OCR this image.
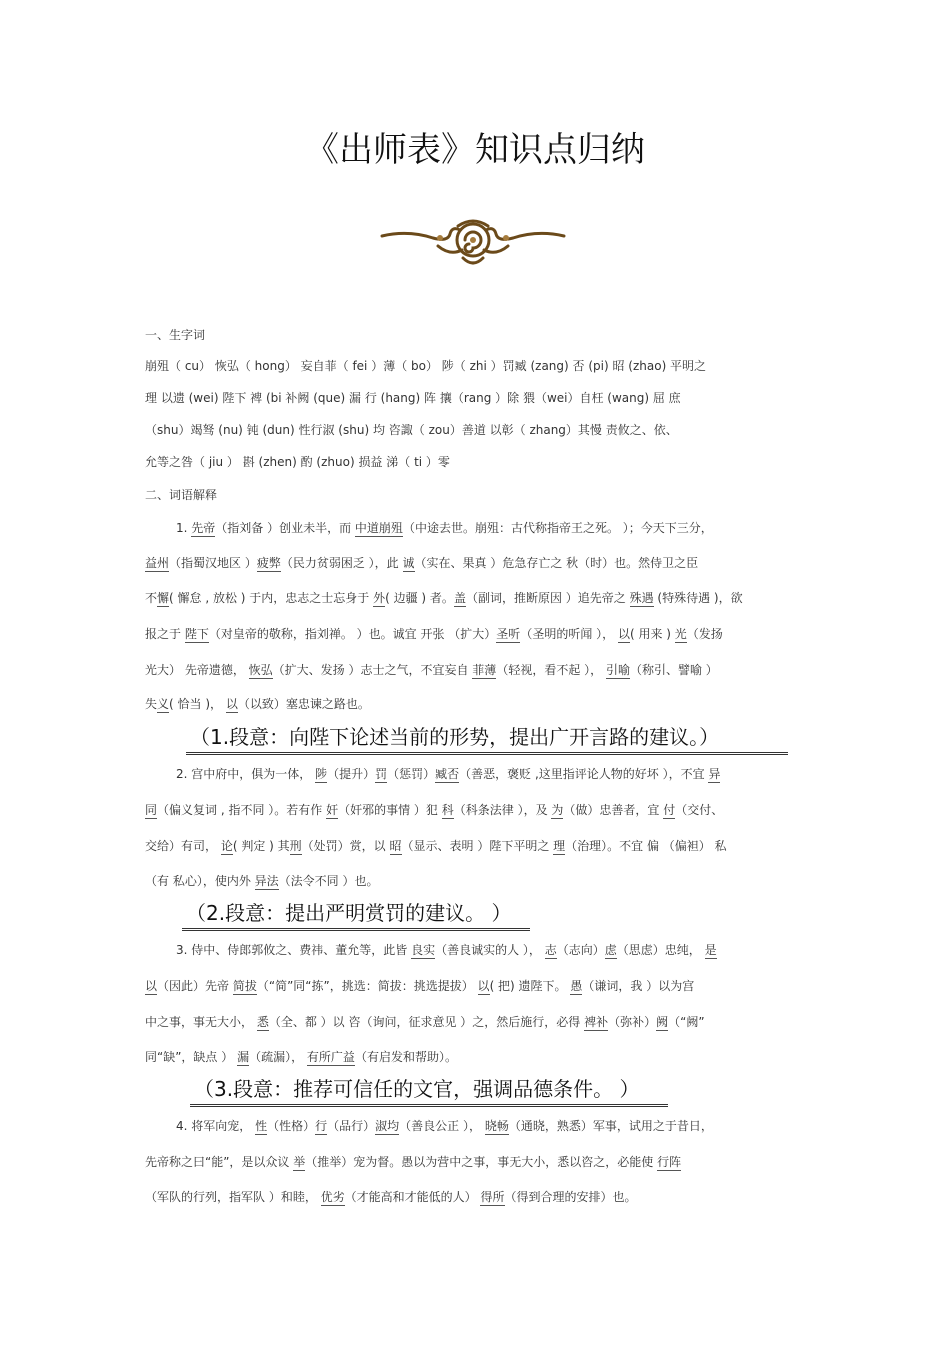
《出师表》知识点归纳

一、生字词

崩殂（ cu） 恢弘（ hong） 妄自菲（ fei ）薄（ bo） 陟（ zhi ）罚臧 (zang) 否 (pi) 昭 (zhao) 平明之
理 以遗 (wei) 陛下 裨 (bi 补阙 (que) 漏 行 (hang) 阵 攘（rang ）除 猥（wei）自枉 (wang) 屈 庶
（shu）竭驽 (nu) 钝 (dun) 性行淑 (shu) 均 咨諏（ zou）善道 以彰（ zhang）其慢 责攸之、依、
允等之咎（ jiu ） 斟 (zhen) 酌 (zhuo) 损益 涕（ ti ）零

二、词语解释

1. 先帝（指刘备 ）创业未半，而 中道崩殂（中途去世。崩殂：古代称指帝王之死。 ）；今天下三分，
益州（指蜀汉地区 ）疲弊（民力贫弱困乏 ），此 诚（实在、果真 ）危急存亡之 秋（时）也。然侍卫之臣
不懈( 懈怠 , 放松 ) 于内，忠志之士忘身于 外( 边疆 ) 者。盖（副词，推断原因 ）追先帝之 殊遇 (特殊待遇 )，欲
报之于 陛下（对皇帝的敬称，指刘禅。 ）也。诚宜 开张 （扩大）圣听（圣明的听闻 ）， 以( 用来 ) 光（发扬
光大） 先帝遗德， 恢弘（扩大、发扬 ）志士之气，不宜妄自 菲薄（轻视，看不起 ）， 引喻（称引、譬喻 ）
失义( 恰当 )， 以（以致）塞忠谏之路也。
（1.段意：向陛下论述当前的形势，提出广开言路的建议。）
2. 宫中府中，俱为一体， 陟（提升）罚（惩罚）臧否（善恶，褒贬 ,这里指评论人物的好坏 ），不宜 异
同（偏义复词 , 指不同 ）。若有作 奸（奸邪的事情 ）犯 科（科条法律 ），及 为（做）忠善者，宜 付（交付、
交给）有司， 论( 判定 ) 其刑（处罚）赏，以 昭（显示、表明 ）陛下平明之 理（治理）。不宜 偏 （偏袒） 私
（有 私心），使内外 异法（法令不同 ）也。
（2.段意：提出严明赏罚的建议。 ）
3. 侍中、侍郎郭攸之、费祎、董允等，此皆 良实（善良诚实的人 ）， 志（志向）虑（思虑）忠纯， 是
以（因此）先帝 简拔（“简”同“拣”，挑选：简拔：挑选提拔） 以( 把) 遗陛下。 愚（谦词，我 ）以为宫
中之事，事无大小， 悉（全、都 ）以 咨（询问，征求意见 ）之，然后施行，必得 裨补（弥补）阙（“阙”
同“缺”，缺点 ） 漏（疏漏）， 有所广益（有启发和帮助）。
（3.段意：推荐可信任的文官，强调品德条件。 ）
4. 将军向宠， 性（性格）行（品行）淑均（善良公正 ）， 晓畅（通晓，熟悉）军事，试用之于昔日，
先帝称之曰“能”，是以众议 举（推举）宠为督。愚以为营中之事，事无大小，悉以咨之，必能使 行阵
（军队的行列，指军队 ）和睦， 优劣（才能高和才能低的人） 得所（得到合理的安排）也。
